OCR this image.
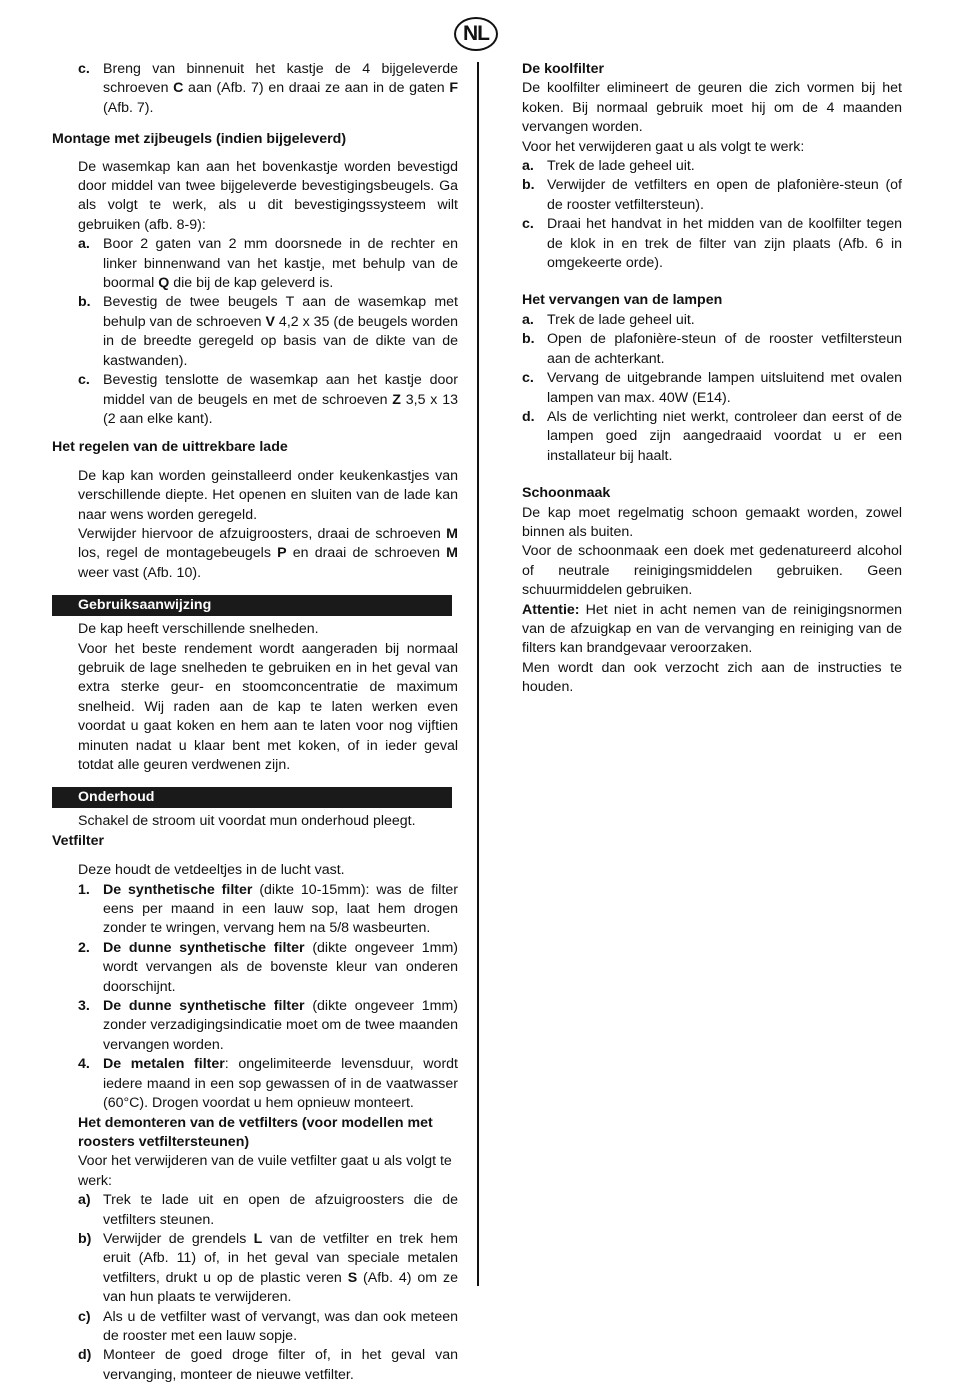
NL
c. Breng van binnenuit het kastje de 4 bijgeleverde schroeven C aan (Afb. 7) en draai ze aan in de gaten F (Afb. 7).
Montage met zijbeugels (indien bijgeleverd)
De wasemkap kan aan het bovenkastje worden bevestigd door middel van twee bijgeleverde bevestigingsbeugels. Ga als volgt te werk, als u dit bevestigingssysteem wilt gebruiken (afb. 8-9):
a. Boor 2 gaten van 2 mm doorsnede in de rechter en linker binnenwand van het kastje, met behulp van de boormal Q die bij de kap geleverd is.
b. Bevestig de twee beugels T aan de wasemkap met behulp van de schroeven V 4,2 x 35 (de beugels worden in de breedte geregeld op basis van de dikte van de kastwanden).
c. Bevestig tenslotte de wasemkap aan het kastje door middel van de beugels en met de schroeven Z 3,5 x 13 (2 aan elke kant).
Het regelen van de uittrekbare lade
De kap kan worden geinstalleerd onder keukenkastjes van verschillende diepte. Het openen en sluiten van de lade kan naar wens worden geregeld.
Verwijder hiervoor de afzuigroosters, draai de schroeven M los, regel de montagebeugels P en draai de schroeven M weer vast (Afb. 10).
Gebruiksaanwijzing
De kap heeft verschillende snelheden.
Voor het beste rendement wordt aangeraden bij normaal gebruik de lage snelheden te gebruiken en in het geval van extra sterke geur- en stoomconcentratie de maximum snelheid. Wij raden aan de kap te laten werken even voordat u gaat koken en hem aan te laten voor nog vijftien minuten nadat u klaar bent met koken, of in ieder geval totdat alle geuren verdwenen zijn.
Onderhoud
Schakel de stroom uit voordat mun onderhoud pleegt.
Vetfilter
Deze houdt de vetdeeltjes in de lucht vast.
1. De synthetische filter (dikte 10-15mm): was de filter eens per maand in een lauw sop, laat hem drogen zonder te wringen, vervang hem na 5/8 wasbeurten.
2. De dunne synthetische filter (dikte ongeveer 1mm) wordt vervangen als de bovenste kleur van onderen doorschijnt.
3. De dunne synthetische filter (dikte ongeveer 1mm) zonder verzadigingsindicatie moet om de twee maanden vervangen worden.
4. De metalen filter: ongelimiteerde levensduur, wordt iedere maand in een sop gewassen of in de vaatwasser (60°C). Drogen voordat u hem opnieuw monteert.
Het demonteren van de vetfilters (voor modellen met roosters vetfiltersteunen)
Voor het verwijderen van de vuile vetfilter gaat u als volgt te werk:
a) Trek te lade uit en open de afzuigroosters die de vetfilters steunen.
b) Verwijder de grendels L van de vetfilter en trek hem eruit (Afb. 11) of, in het geval van speciale metalen vetfilters, drukt u op de plastic veren S (Afb. 4) om ze van hun plaats te verwijderen.
c) Als u de vetfilter wast of vervangt, was dan ook meteen de rooster met een lauw sopje.
d) Monteer de goed droge filter of, in het geval van vervanging, monteer de nieuwe vetfilter.
De koolfilter
De koolfilter elimineert de geuren die zich vormen bij het koken. Bij normaal gebruik moet hij om de 4 maanden vervangen worden.
Voor het verwijderen gaat u als volgt te werk:
a. Trek de lade geheel uit.
b. Verwijder de vetfilters en open de plafonière-steun (of de rooster vetfiltersteun).
c. Draai het handvat in het midden van de koolfilter tegen de klok in en trek de filter van zijn plaats (Afb. 6 in omgekeerte orde).
Het vervangen van de lampen
a. Trek de lade geheel uit.
b. Open de plafonière-steun of de rooster vetfiltersteun aan de achterkant.
c. Vervang de uitgebrande lampen uitsluitend met ovalen lampen van max. 40W (E14).
d. Als de verlichting niet werkt, controleer dan eerst of de lampen goed zijn aangedraaid voordat u er een installateur bij haalt.
Schoonmaak
De kap moet regelmatig schoon gemaakt worden, zowel binnen als buiten.
Voor de schoonmaak een doek met gedenatureerd alcohol of neutrale reinigingsmiddelen gebruiken. Geen schuurmiddelen gebruiken.
Attentie: Het niet in acht nemen van de reinigingsnormen van de afzuigkap en van de vervanging en reiniging van de filters kan brandgevaar veroorzaken.
Men wordt dan ook verzocht zich aan de instructies te houden.
